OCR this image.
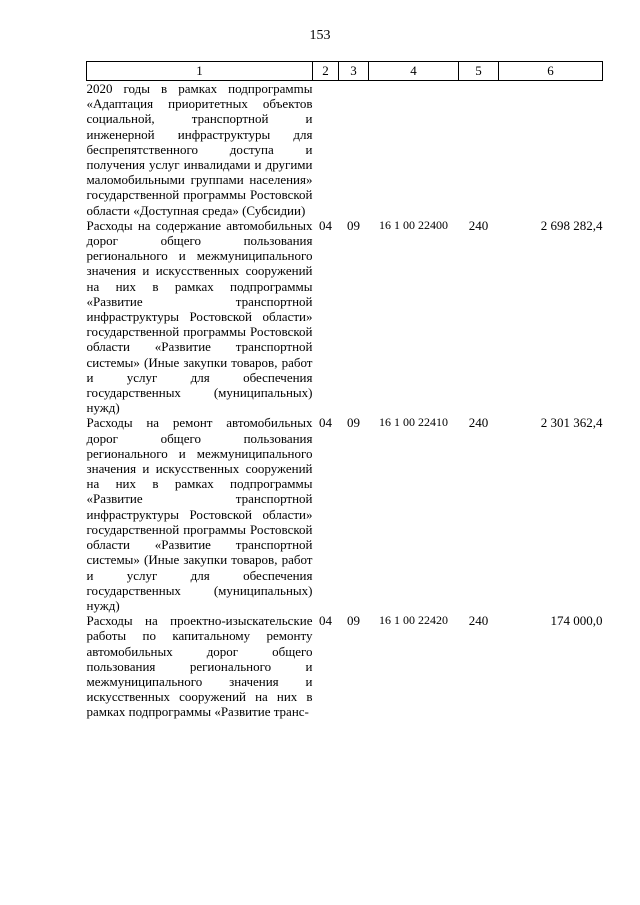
153
1	2	3	4	5	6
2020 годы в рамках подпрограмmы «Адаптация приоритетных объектов социальной, транспортной и инженерной инфраструктуры для беспрепятственного доступа и получения услуг инвалидами и другими маломобильными группами населения» государственной программы Ростовской области «Доступная среда» (Субсидии)					
Расходы на содержание автомобильных дорог общего пользования регионального и межмуниципального значения и искусственных сооружений на них в рамках подпрограммы «Развитие транспортной инфраструктуры Ростовской области» государственной программы Ростовской области «Развитие транспортной системы» (Иные закупки товаров, работ и услуг для обеспечения государственных (муниципальных) нужд)	04	09	16 1 00 22400	240	2 698 282,4
Расходы на ремонт автомобильных дорог общего пользования регионального и межмуниципального значения и искусственных сооружений на них в рамках подпрограммы «Развитие транспортной инфраструктуры Ростовской области» государственной программы Ростовской области «Развитие транспортной системы» (Иные закупки товаров, работ и услуг для обеспечения государственных (муниципальных) нужд)	04	09	16 1 00 22410	240	2 301 362,4
Расходы на проектно-изыскательские работы по капитальному ремонту автомобильных дорог общего пользования регионального и межмуниципального значения и искусственных сооружений на них в рамках подпрограммы «Развитие транс-	04	09	16 1 00 22420	240	174 000,0
